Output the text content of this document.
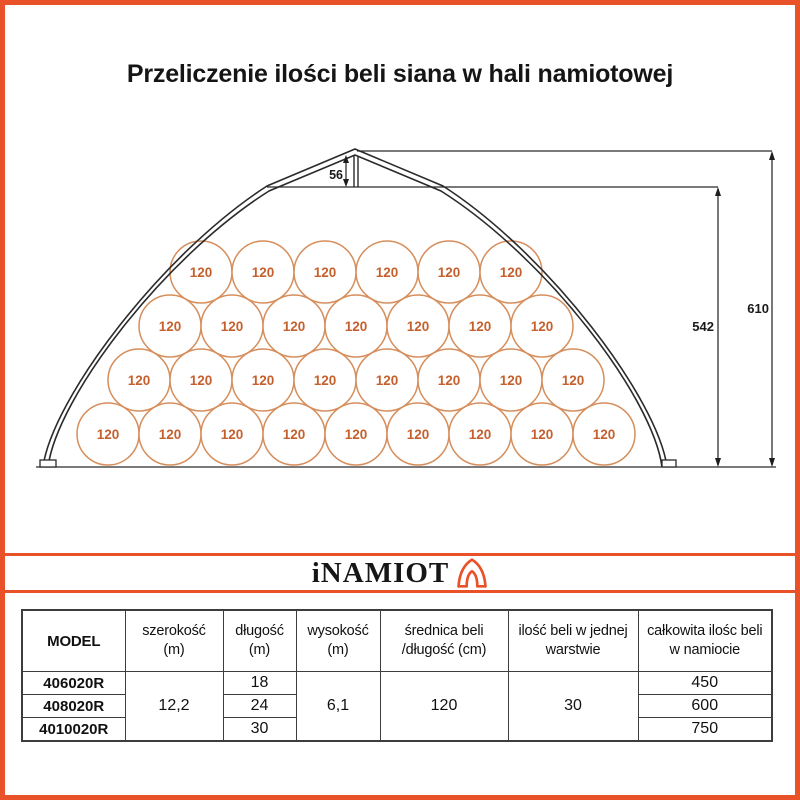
Przeliczenie ilości beli siana w hali namiotowej
120	120	120	120	120	120
120	120	120	120	120	120	120
120	120	120	120	120	120	120	120
120	120	120	120	120	120	120	120	120
56
542
610
iNAMIOT
MODEL

szerokość
(m)

długość
(m)

wysokość
(m)

średnica beli
/długość (cm)

ilość beli w jednej
warstwie

całkowita ilośc beli
w namiocie

406020R	12,2	18	6,1	120	30	450
408020R		24				600
4010020R		30				750
